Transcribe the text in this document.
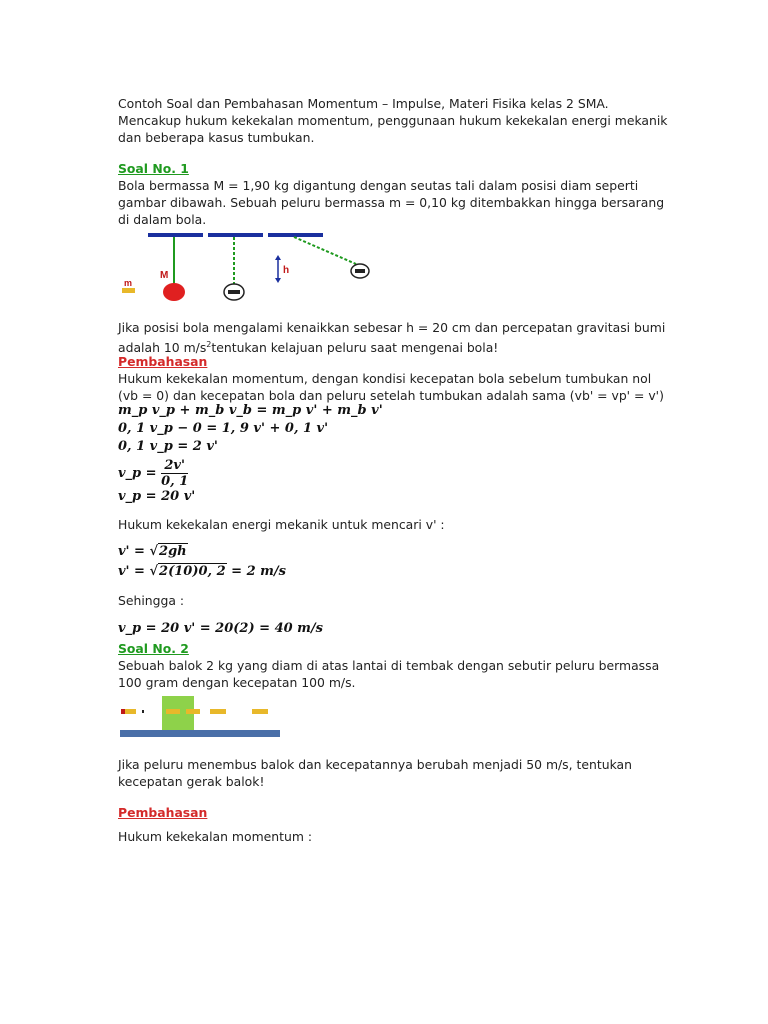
Contoh Soal dan Pembahasan Momentum – Impulse, Materi Fisika kelas 2 SMA.
Mencakup hukum kekekalan momentum, penggunaan hukum kekekalan energi mekanik
dan beberapa kasus tumbukan.
Soal No. 1
Bola bermassa M = 1,90 kg digantung dengan seutas tali dalam posisi diam seperti
gambar dibawah. Sebuah peluru bermassa m = 0,10 kg ditembakkan hingga bersarang
di dalam bola.
M
m
h
Jika posisi bola mengalami kenaikkan sebesar h = 20 cm dan percepatan gravitasi bumi
adalah 10 $m/s^2tentukan$ kelajuan peluru saat mengenai bola!
Pembahasan
Hukum kekekalan momentum, dengan kondisi kecepatan bola sebelum tumbukan nol
(vb = 0) dan kecepatan bola dan peluru setelah tumbukan adalah sama (vb' = vp' = v')
m_p v_p + m_b v_b = m_p v' + m_b v'
0, 1 v_p − 0 = 1, 9 v' + 0, 1 v'
0, 1 v_p = 2 v'
v_p = $\frac{2v'}{0, 1}$
v_p = 20 v'
Hukum kekekalan energi mekanik untuk mencari v' :
v' = √2gh
v' = √2(10)0, 2 = 2 m/s
Sehingga :
v_p = 20 v' = 20(2) = 40 m/s
Soal No. 2
Sebuah balok 2 kg yang diam di atas lantai di tembak dengan sebutir peluru bermassa
100 gram dengan kecepatan 100 m/s.
Jika peluru menembus balok dan kecepatannya berubah menjadi 50 m/s, tentukan
kecepatan gerak balok!
Pembahasan
Hukum kekekalan momentum :
